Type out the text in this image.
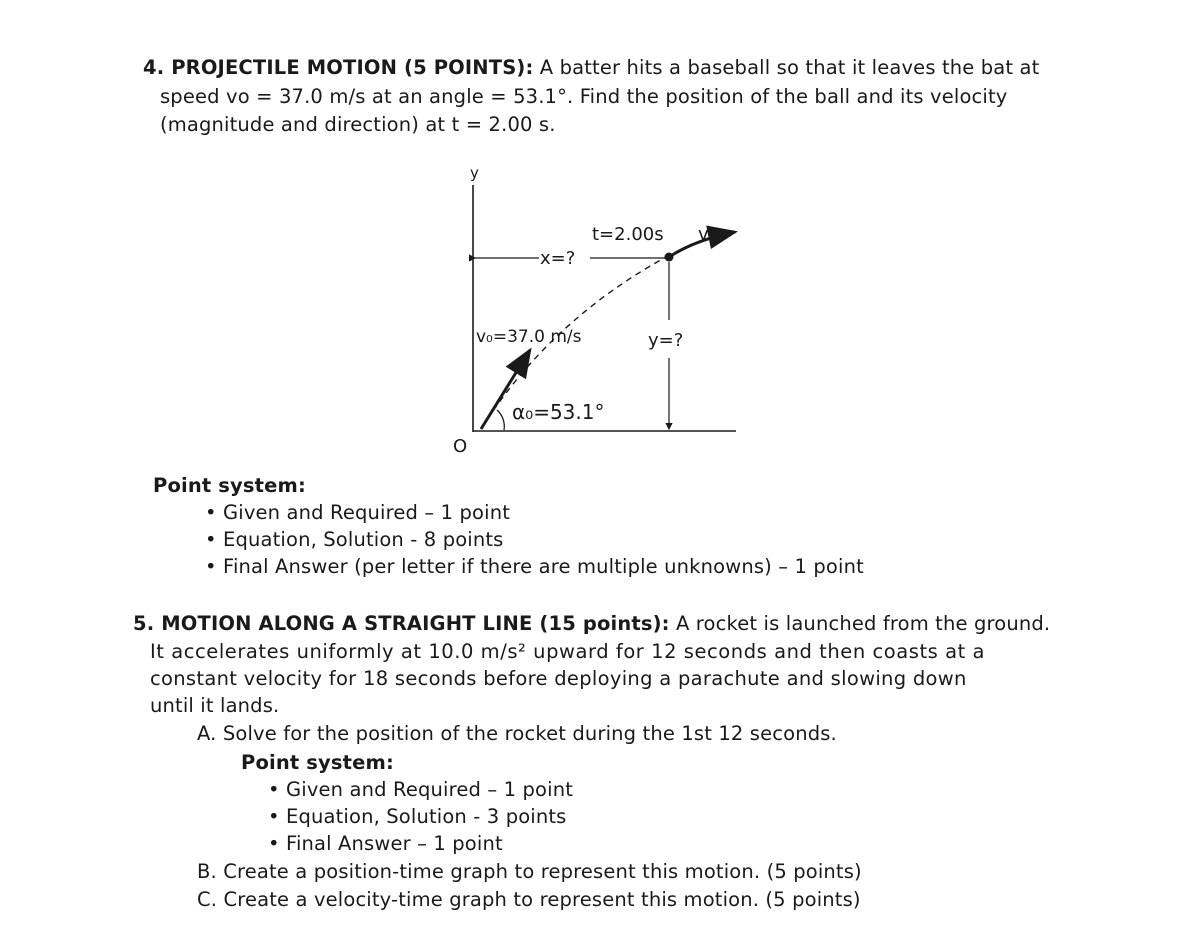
4. PROJECTILE MOTION (5 POINTS): A batter hits a baseball so that it leaves the bat at
speed vo = 37.0 m/s at an angle = 53.1°. Find the position of the ball and its velocity
(magnitude and direction) at t = 2.00 s.
y
O
x=?
t=2.00s v
y=?
v₀=37.0 m/s
α₀=53.1°
Point system:
• Given and Required – 1 point
• Equation, Solution - 8 points
• Final Answer (per letter if there are multiple unknowns) – 1 point
5. MOTION ALONG A STRAIGHT LINE (15 points): A rocket is launched from the ground.
It accelerates uniformly at 10.0 m/s² upward for 12 seconds and then coasts at a
constant velocity for 18 seconds before deploying a parachute and slowing down
until it lands.
A. Solve for the position of the rocket during the 1st 12 seconds.
Point system:
• Given and Required – 1 point
• Equation, Solution - 3 points
• Final Answer – 1 point
B. Create a position-time graph to represent this motion. (5 points)
C. Create a velocity-time graph to represent this motion. (5 points)
